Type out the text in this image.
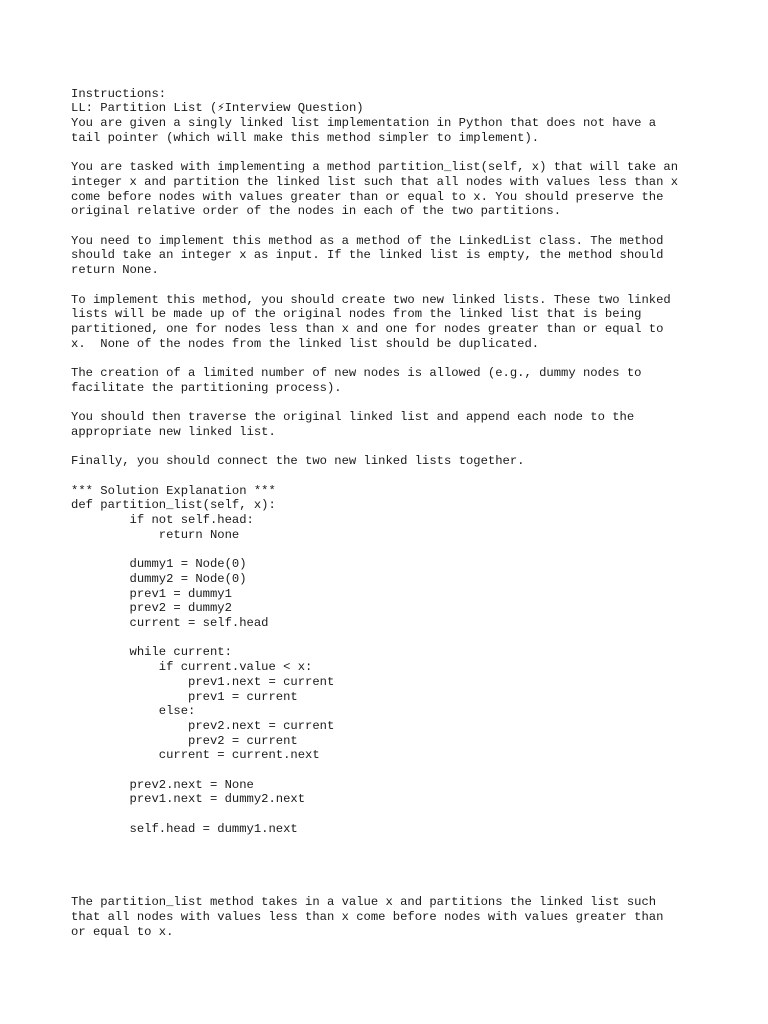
Instructions:
LL: Partition List (⚡Interview Question)
You are given a singly linked list implementation in Python that does not have a
tail pointer (which will make this method simpler to implement).

You are tasked with implementing a method partition_list(self, x) that will take an
integer x and partition the linked list such that all nodes with values less than x
come before nodes with values greater than or equal to x. You should preserve the
original relative order of the nodes in each of the two partitions.

You need to implement this method as a method of the LinkedList class. The method
should take an integer x as input. If the linked list is empty, the method should
return None.

To implement this method, you should create two new linked lists. These two linked
lists will be made up of the original nodes from the linked list that is being
partitioned, one for nodes less than x and one for nodes greater than or equal to
x.  None of the nodes from the linked list should be duplicated.

The creation of a limited number of new nodes is allowed (e.g., dummy nodes to
facilitate the partitioning process).

You should then traverse the original linked list and append each node to the
appropriate new linked list.

Finally, you should connect the two new linked lists together.

*** Solution Explanation ***
def partition_list(self, x):
if not self.head:
return None

dummy1 = Node(0)
dummy2 = Node(0)
prev1 = dummy1
prev2 = dummy2
current = self.head

while current:
if current.value < x:
prev1.next = current
prev1 = current
else:
prev2.next = current
prev2 = current
current = current.next

prev2.next = None
prev1.next = dummy2.next

self.head = dummy1.next

The partition_list method takes in a value x and partitions the linked list such
that all nodes with values less than x come before nodes with values greater than
or equal to x.
